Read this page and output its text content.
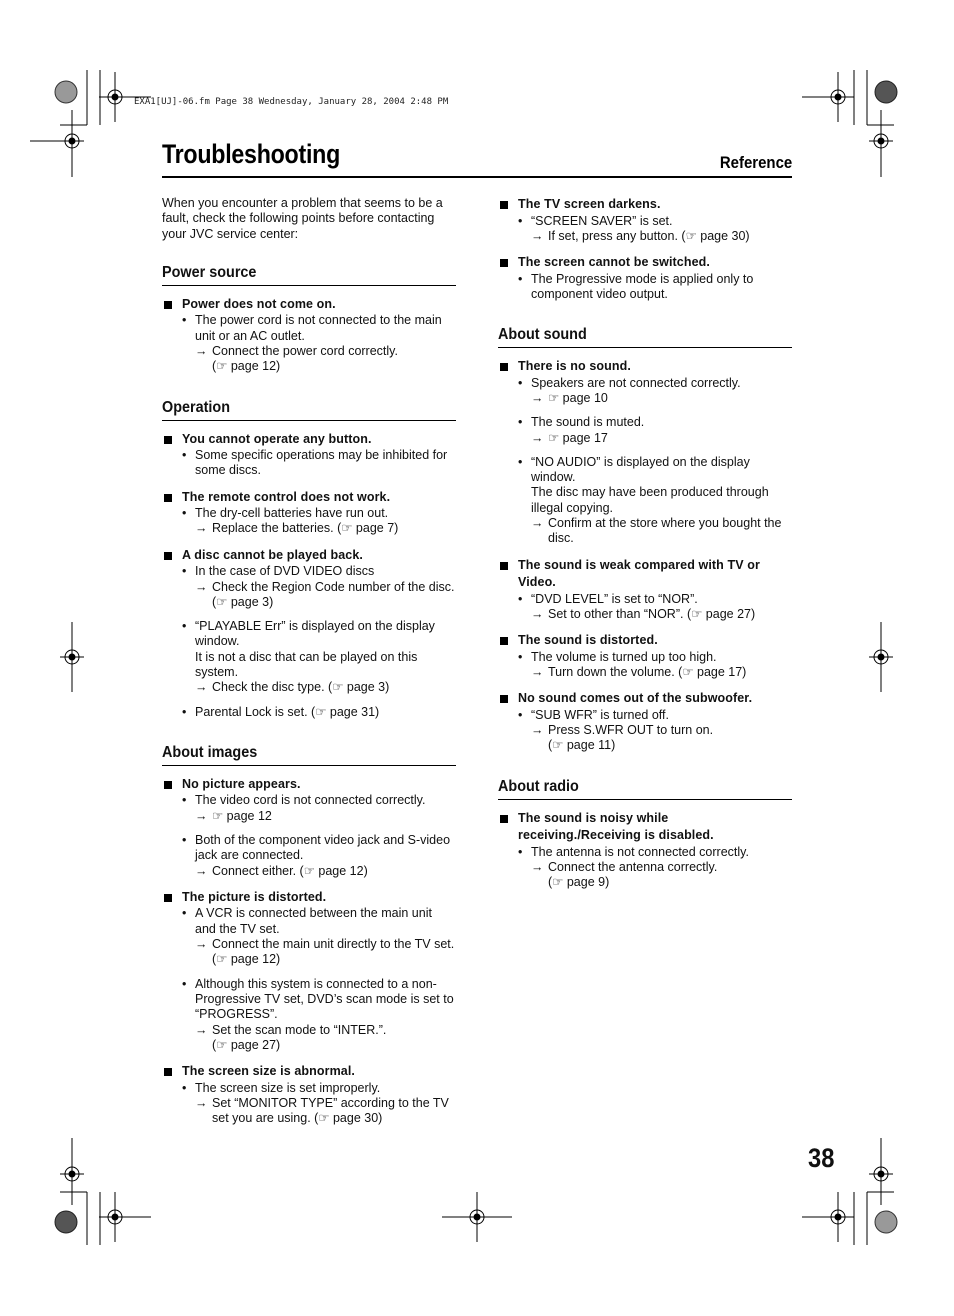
EXA1[UJ]-06.fm Page 38 Wednesday, January 28, 2004 2:48 PM
Troubleshooting	Reference

When you encounter a problem that seems to be a fault, check the following points before contacting your JVC service center:

Power source
Power does not come on.
• The power cord is not connected to the main unit or an AC outlet.
→ Connect the power cord correctly.
(☞ page 12)
Operation
You cannot operate any button.
• Some specific operations may be inhibited for some discs.
The remote control does not work.
• The dry-cell batteries have run out.
→ Replace the batteries. (☞ page 7)
A disc cannot be played back.
• In the case of DVD VIDEO discs
→ Check the Region Code number of the disc. (☞ page 3)
• “PLAYABLE Err” is displayed on the display window.
It is not a disc that can be played on this system.
→ Check the disc type. (☞ page 3)
• Parental Lock is set. (☞ page 31)
About images
No picture appears.
• The video cord is not connected correctly.
→ ☞ page 12
• Both of the component video jack and S-video jack are connected.
→ Connect either. (☞ page 12)
The picture is distorted.
• A VCR is connected between the main unit and the TV set.
→ Connect the main unit directly to the TV set. (☞ page 12)
• Although this system is connected to a non-Progressive TV set, DVD’s scan mode is set to “PROGRESS”.
→ Set the scan mode to “INTER.”.
(☞ page 27)
The screen size is abnormal.
• The screen size is set improperly.
→ Set “MONITOR TYPE” according to the TV set you are using. (☞ page 30)
The TV screen darkens.
• “SCREEN SAVER” is set.
→ If set, press any button. (☞ page 30)
The screen cannot be switched.
• The Progressive mode is applied only to component video output.
About sound
There is no sound.
• Speakers are not connected correctly.
→ ☞ page 10
• The sound is muted.
→ ☞ page 17
• “NO AUDIO” is displayed on the display window.
The disc may have been produced through illegal copying.
→ Confirm at the store where you bought the disc.
The sound is weak compared with TV or Video.
• “DVD LEVEL” is set to “NOR”.
→ Set to other than “NOR”. (☞ page 27)
The sound is distorted.
• The volume is turned up too high.
→ Turn down the volume. (☞ page 17)
No sound comes out of the subwoofer.
• “SUB WFR” is turned off.
→ Press S.WFR OUT to turn on.
(☞ page 11)
About radio
The sound is noisy while receiving./Receiving is disabled.
• The antenna is not connected correctly.
→ Connect the antenna correctly.
(☞ page 9)
38
